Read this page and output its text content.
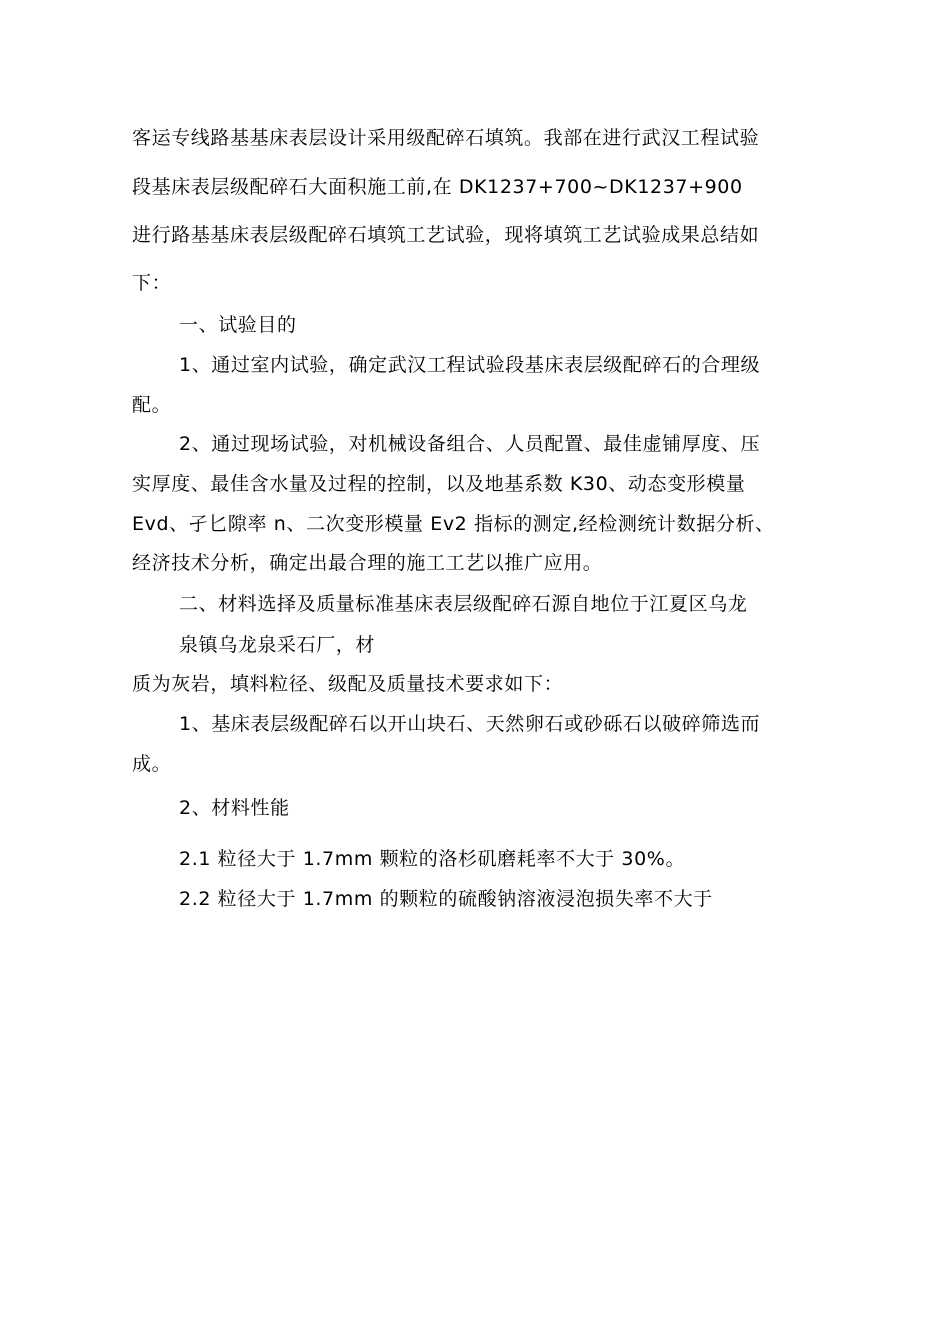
客运专线路基基床表层设计采用级配碎石填筑。我部在进行武汉工程试验
段基床表层级配碎石大面积施工前,在 DK1237+700~DK1237+900
进行路基基床表层级配碎石填筑工艺试验，现将填筑工艺试验成果总结如
下：
一、试验目的
1、通过室内试验，确定武汉工程试验段基床表层级配碎石的合理级
配。
2、通过现场试验，对机械设备组合、人员配置、最佳虚铺厚度、压
实厚度、最佳含水量及过程的控制，以及地基系数 K30、动态变形模量
Evd、孑匕隙率 n、二次变形模量 Ev2 指标的测定,经检测统计数据分析、
经济技术分析，确定出最合理的施工工艺以推广应用。
二、材料选择及质量标准基床表层级配碎石源自地位于江夏区乌龙
泉镇乌龙泉采石厂，材
质为灰岩，填料粒径、级配及质量技术要求如下：
1、基床表层级配碎石以开山块石、天然卵石或砂砾石以破碎筛选而
成。
2、材料性能
2.1 粒径大于 1.7mm 颗粒的洛杉矶磨耗率不大于 30%。
2.2 粒径大于 1.7mm 的颗粒的硫酸钠溶液浸泡损失率不大于
